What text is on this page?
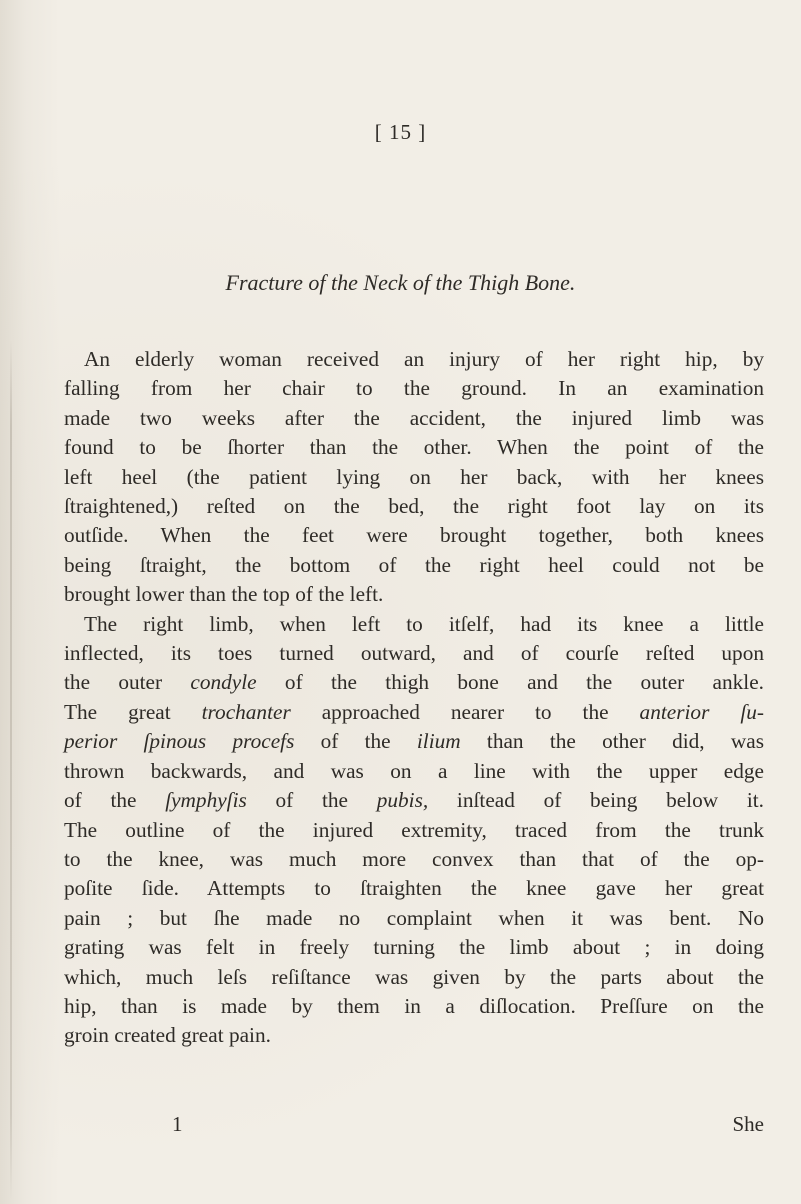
[ 15 ]
Fracture of the Neck of the Thigh Bone.
An elderly woman received an injury of her right hip, by
falling from her chair to the ground. In an examination
made two weeks after the accident, the injured limb was
found to be ſhorter than the other. When the point of the
left heel (the patient lying on her back, with her knees
ſtraightened,) reſted on the bed, the right foot lay on its
outſide. When the feet were brought together, both knees
being ſtraight, the bottom of the right heel could not be
brought lower than the top of the left.
The right limb, when left to itſelf, had its knee a little
inflected, its toes turned outward, and of courſe reſted upon
the outer condyle of the thigh bone and the outer ankle.
The great trochanter approached nearer to the anterior ſu-
perior ſpinous procefs of the ilium than the other did, was
thrown backwards, and was on a line with the upper edge
of the ſymphyſis of the pubis, inſtead of being below it.
The outline of the injured extremity, traced from the trunk
to the knee, was much more convex than that of the op-
poſite ſide. Attempts to ſtraighten the knee gave her great
pain ; but ſhe made no complaint when it was bent. No
grating was felt in freely turning the limb about ; in doing
which, much leſs reſiſtance was given by the parts about the
hip, than is made by them in a diſlocation. Preſſure on the
groin created great pain.
1	She
